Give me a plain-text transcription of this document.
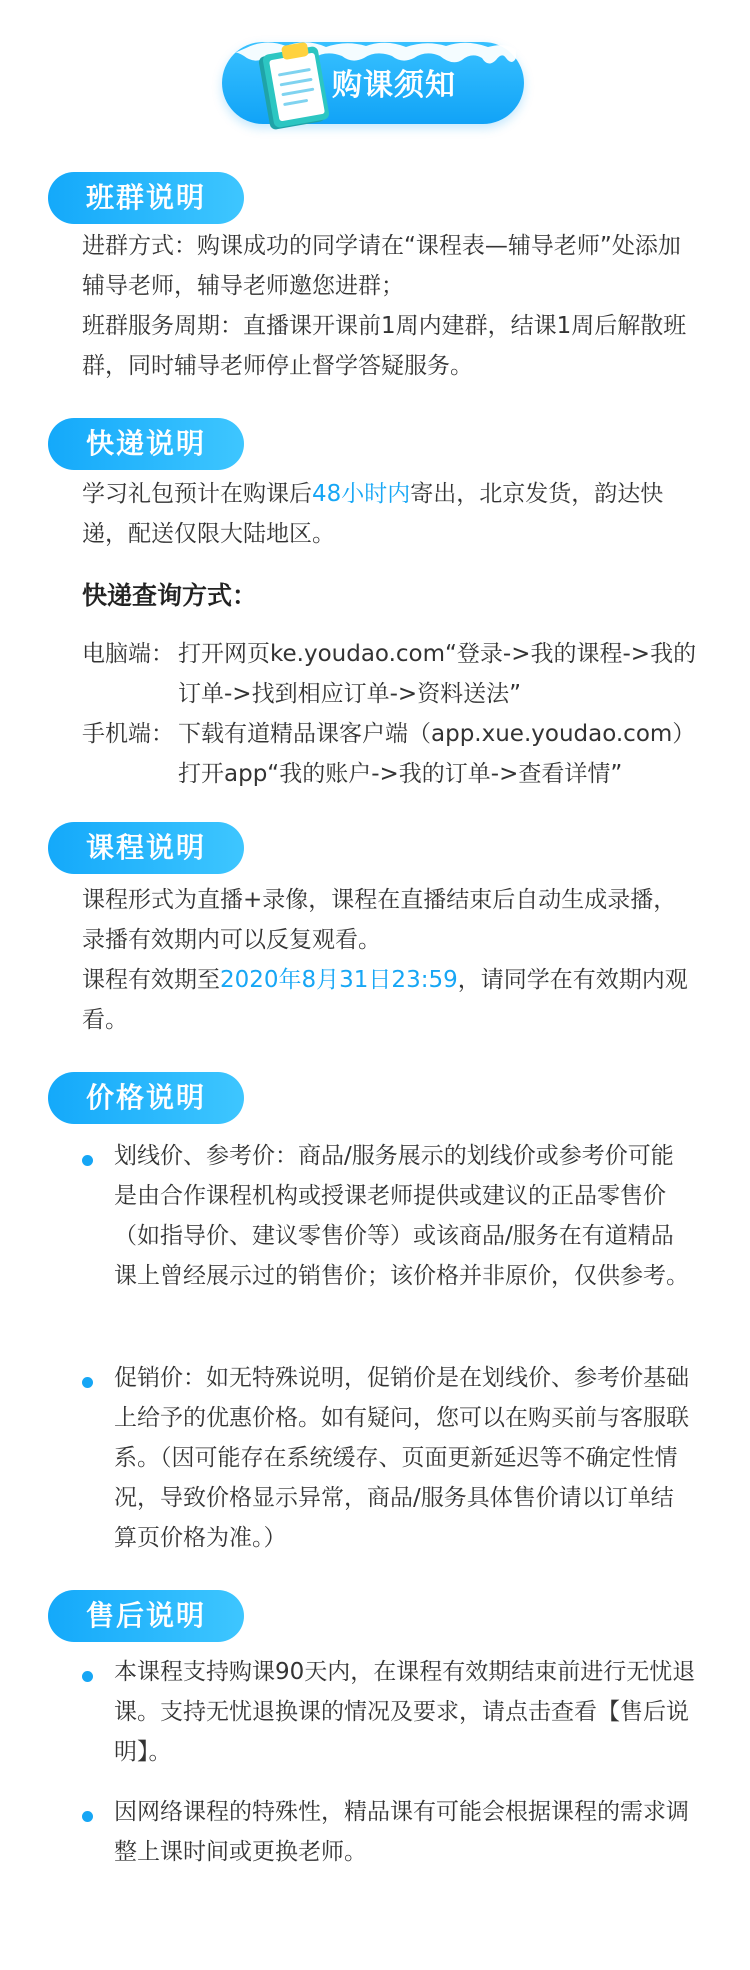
购课须知
班群说明

进群方式：购课成功的同学请在“课程表—辅导老师”处添加辅导老师，辅导老师邀您进群；

班群服务周期：直播课开课前1周内建群，结课1周后解散班群，同时辅导老师停止督学答疑服务。

快递说明

学习礼包预计在购课后48小时内寄出，北京发货，韵达快递，配送仅限大陆地区。

快递查询方式：
电脑端： 打开网页ke.youdao.com“登录->我的课程->我的订单->找到相应订单->资料送法”

手机端： 下载有道精品课客户端（app.xue.youdao.com）打开app“我的账户->我的订单->查看详情”

课程说明

课程形式为直播+录像，课程在直播结束后自动生成录播，录播有效期内可以反复观看。

课程有效期至2020年8月31日23:59，请同学在有效期内观看。

价格说明

划线价、参考价：商品/服务展示的划线价或参考价可能是由合作课程机构或授课老师提供或建议的正品零售价（如指导价、建议零售价等）或该商品/服务在有道精品课上曾经展示过的销售价；该价格并非原价，仅供参考。

促销价：如无特殊说明，促销价是在划线价、参考价基础上给予的优惠价格。如有疑问，您可以在购买前与客服联系。（因可能存在系统缓存、页面更新延迟等不确定性情况，导致价格显示异常，商品/服务具体售价请以订单结算页价格为准。）

售后说明

本课程支持购课90天内，在课程有效期结束前进行无忧退课。支持无忧退换课的情况及要求，请点击查看【售后说明】。

因网络课程的特殊性，精品课有可能会根据课程的需求调整上课时间或更换老师。
